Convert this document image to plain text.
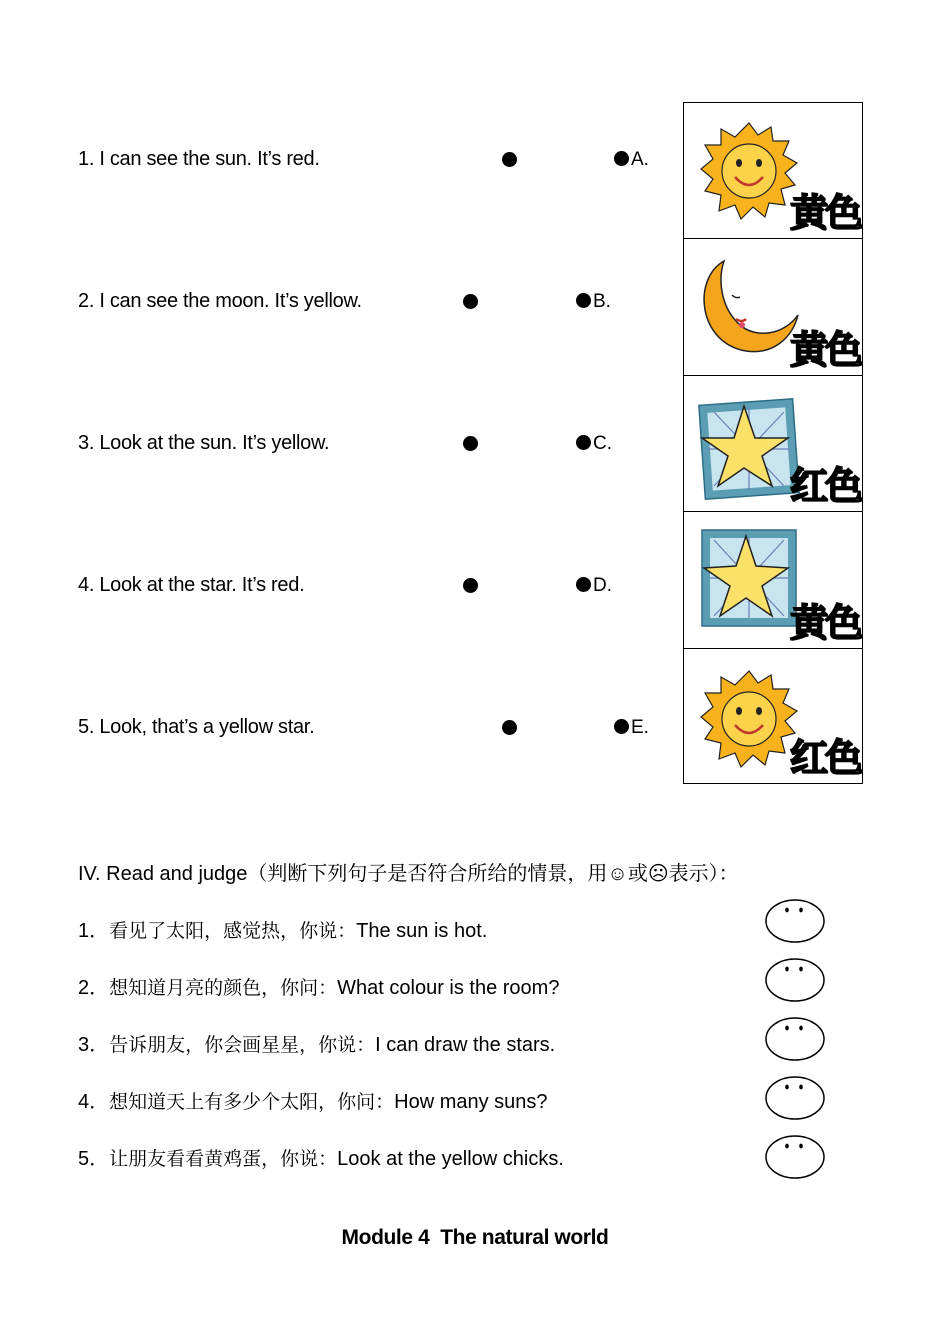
1. I can see the sun. It’s red.
2. I can see the moon. It’s yellow.
3. Look at the sun. It’s yellow.
4. Look at the star. It’s red.
5. Look, that’s a yellow star.
A.
B.
C.
D.
E.
黄色
黄色
红色
黄色
红色
IV. Read and judge（判断下列句子是否符合所给的情景，用☺或☹表示）：
1．看见了太阳，感觉热，你说：The sun is hot.
2．想知道月亮的颜色，你问：What colour is the room?
3．告诉朋友，你会画星星，你说：I can draw the stars.
4．想知道天上有多少个太阳，你问：How many suns?
5．让朋友看看黄鸡蛋，你说：Look at the yellow chicks.
Module 4  The natural world
